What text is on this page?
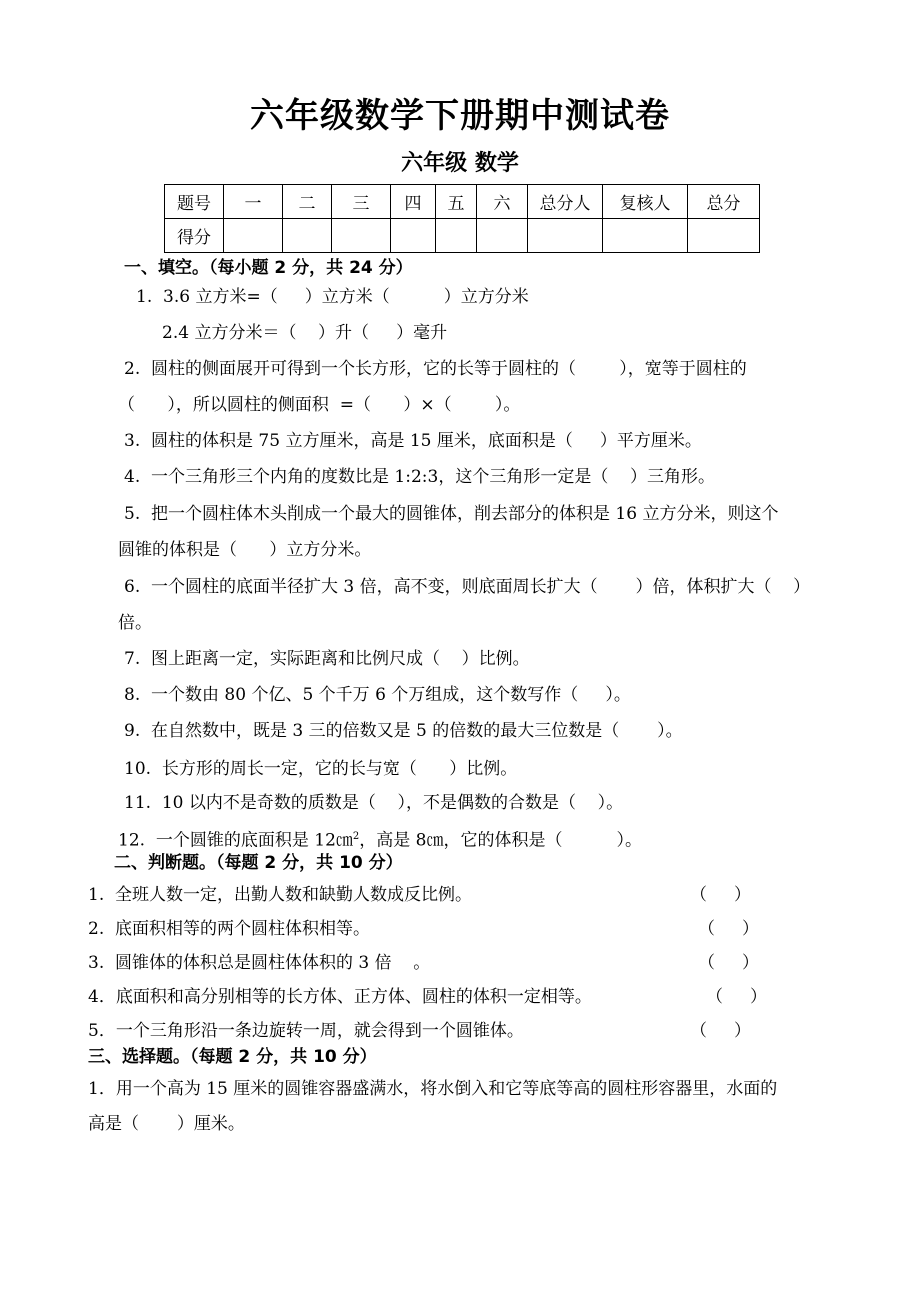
六年级数学下册期中测试卷
六年级 数学
题号	一	二	三	四	五	六	总分人	复核人	总分
得分									
一、填空。（每小题 2 分，共 24 分）
1.  3.6 立方米=（     ）立方米（          ）立方分米
2.4 立方分米＝（    ）升（     ）毫升
2.  圆柱的侧面展开可得到一个长方形，它的长等于圆柱的（        ），宽等于圆柱的
（      ），所以圆柱的侧面积  =（      ）×（        ）。
3.  圆柱的体积是 75 立方厘米，高是 15 厘米，底面积是（     ）平方厘米。
4.  一个三角形三个内角的度数比是 1:2:3，这个三角形一定是（    ）三角形。
5.  把一个圆柱体木头削成一个最大的圆锥体，削去部分的体积是 16 立方分米，则这个
圆锥的体积是（      ）立方分米。
6.  一个圆柱的底面半径扩大 3 倍，高不变，则底面周长扩大（       ）倍，体积扩大（    ）
倍。
7.  图上距离一定，实际距离和比例尺成（    ）比例。
8.  一个数由 80 个亿、5 个千万 6 个万组成，这个数写作（     ）。
9.  在自然数中，既是 3 三的倍数又是 5 的倍数的最大三位数是（       ）。
10.  长方形的周长一定，它的长与宽（      ）比例。
11.  10 以内不是奇数的质数是（    ），不是偶数的合数是（    ）。
12.  一个圆锥的底面积是 12㎝$^2$，高是 8㎝，它的体积是（          ）。
二、判断题。（每题 2 分，共 10 分）
1.  全班人数一定，出勤人数和缺勤人数成反比例。	（     ）
2.  底面积相等的两个圆柱体积相等。	（     ）
3.  圆锥体的体积总是圆柱体体积的 3 倍    。	（     ）
4．底面积和高分别相等的长方体、正方体、圆柱的体积一定相等。	（     ）
5．一个三角形沿一条边旋转一周，就会得到一个圆锥体。	（     ）
三、选择题。（每题 2 分，共 10 分）
1．用一个高为 15 厘米的圆锥容器盛满水，将水倒入和它等底等高的圆柱形容器里，水面的
高是（       ）厘米。
